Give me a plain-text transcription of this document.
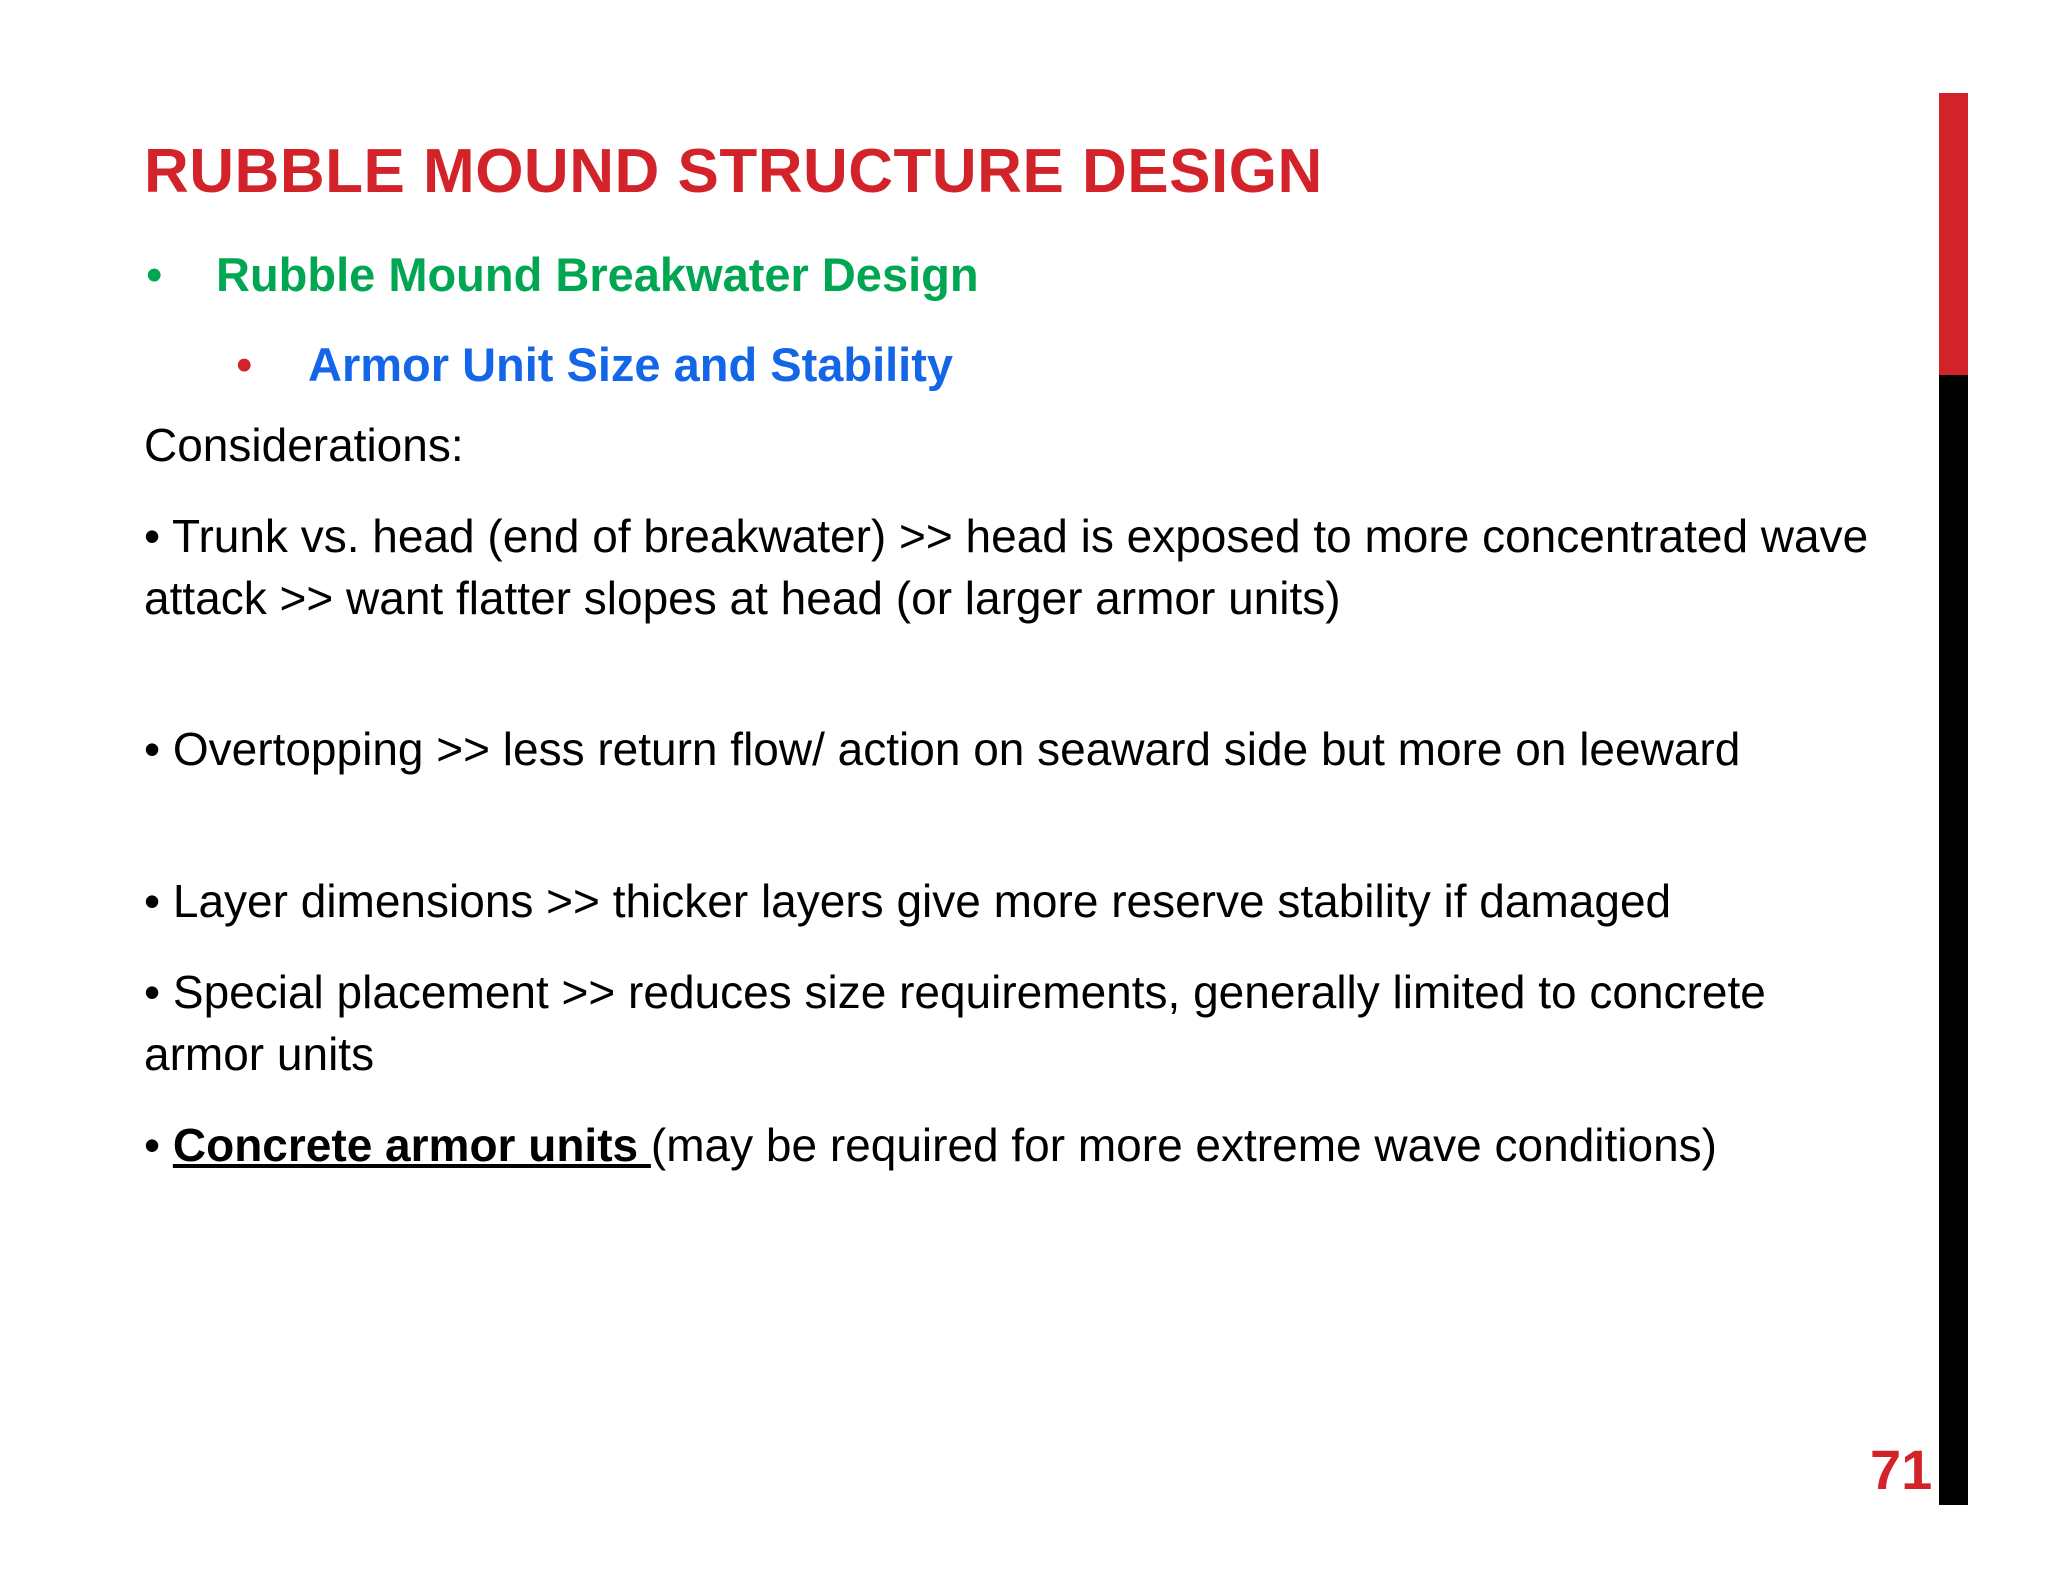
RUBBLE MOUND STRUCTURE DESIGN
• Rubble Mound Breakwater Design
• Armor Unit Size and Stability

Considerations:

• Trunk vs. head (end of breakwater) >> head is exposed to more concentrated wave attack >> want flatter slopes at head (or larger armor units)

• Overtopping >> less return flow/ action on seaward side but more on leeward

• Layer dimensions >> thicker layers give more reserve stability if damaged

• Special placement >> reduces size requirements, generally limited to concrete armor units

• Concrete armor units (may be required for more extreme wave conditions)

71
